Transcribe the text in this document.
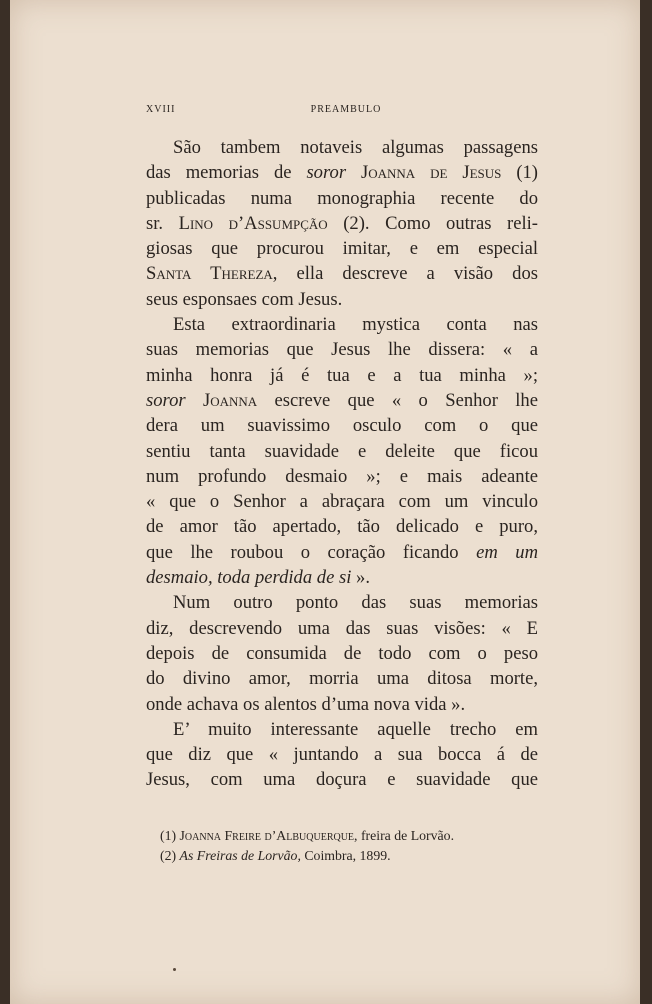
XVIII	PREAMBULO
São tambem notaveis algumas passagens
das memorias de soror Joanna de Jesus (1)
publicadas numa monographia recente do
sr. Lino d’Assumpção (2). Como outras reli-
giosas que procurou imitar, e em especial
Santa Thereza, ella descreve a visão dos
seus esponsaes com Jesus.
Esta extraordinaria mystica conta nas
suas memorias que Jesus lhe dissera: « a
minha honra já é tua e a tua minha »;
soror Joanna escreve que « o Senhor lhe
dera um suavissimo osculo com o que
sentiu tanta suavidade e deleite que ficou
num profundo desmaio »; e mais adeante
« que o Senhor a abraçara com um vinculo
de amor tão apertado, tão delicado e puro,
que lhe roubou o coração ficando em um
desmaio, toda perdida de si ».
Num outro ponto das suas memorias
diz, descrevendo uma das suas visões: « E
depois de consumida de todo com o peso
do divino amor, morria uma ditosa morte,
onde achava os alentos d’uma nova vida ».
E’ muito interessante aquelle trecho em
que diz que « juntando a sua bocca á de
Jesus, com uma doçura e suavidade que
(1) Joanna Freire d’Albuquerque, freira de Lorvão.
(2) As Freiras de Lorvão, Coimbra, 1899.
